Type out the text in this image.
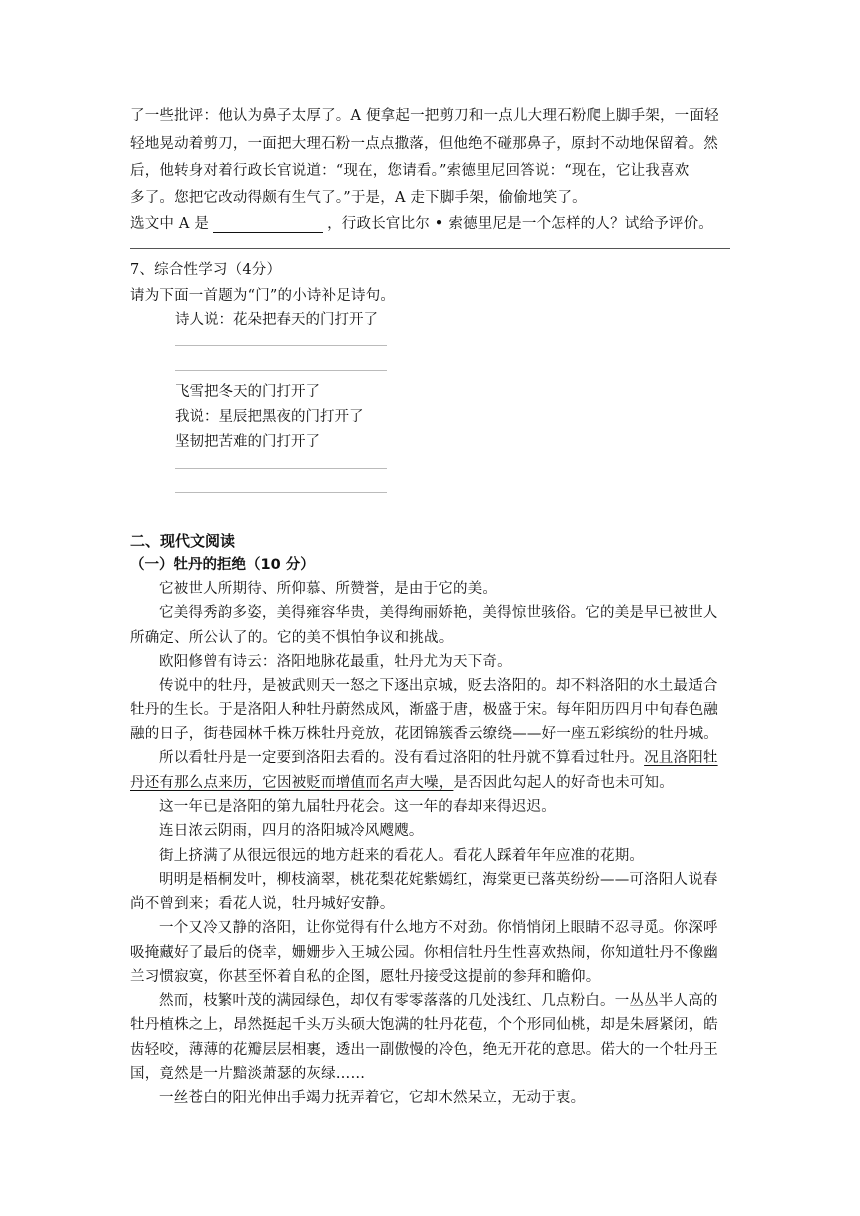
了一些批评：他认为鼻子太厚了。A 便拿起一把剪刀和一点儿大理石粉爬上脚手架，一面轻
轻地晃动着剪刀，一面把大理石粉一点点撒落，但他绝不碰那鼻子，原封不动地保留着。然
后，他转身对着行政长官说道：“现在，您请看。”索德里尼回答说：“现在，它让我喜欢
多了。您把它改动得颇有生气了。”于是，A 走下脚手架，偷偷地笑了。
选文中 A 是	，行政长官比尔 • 索德里尼是一个怎样的人？试给予评价。
7、综合性学习（4分）
请为下面一首题为“门”的小诗补足诗句。
诗人说：花朵把春天的门打开了
飞雪把冬天的门打开了
我说：星辰把黑夜的门打开了
坚韧把苦难的门打开了
二、现代文阅读
（一）牡丹的拒绝（10 分）
它被世人所期待、所仰慕、所赞誉，是由于它的美。
它美得秀韵多姿，美得雍容华贵，美得绚丽娇艳，美得惊世骇俗。它的美是早已被世人
所确定、所公认了的。它的美不惧怕争议和挑战。
欧阳修曾有诗云：洛阳地脉花最重，牡丹尤为天下奇。
传说中的牡丹，是被武则天一怒之下逐出京城，贬去洛阳的。却不料洛阳的水土最适合
牡丹的生长。于是洛阳人种牡丹蔚然成风，渐盛于唐，极盛于宋。每年阳历四月中旬春色融
融的日子，街巷园林千株万株牡丹竞放，花团锦簇香云缭绕——好一座五彩缤纷的牡丹城。
所以看牡丹是一定要到洛阳去看的。没有看过洛阳的牡丹就不算看过牡丹。况且洛阳牡
丹还有那么点来历，它因被贬而增值而名声大噪，是否因此勾起人的好奇也未可知。
这一年已是洛阳的第九届牡丹花会。这一年的春却来得迟迟。
连日浓云阴雨，四月的洛阳城冷风飕飕。
街上挤满了从很远很远的地方赶来的看花人。看花人踩着年年应准的花期。
明明是梧桐发叶，柳枝滴翠，桃花梨花姹紫嫣红，海棠更已落英纷纷——可洛阳人说春
尚不曾到来；看花人说，牡丹城好安静。
一个又冷又静的洛阳，让你觉得有什么地方不对劲。你悄悄闭上眼睛不忍寻觅。你深呼
吸掩藏好了最后的侥幸，姗姗步入王城公园。你相信牡丹生性喜欢热闹，你知道牡丹不像幽
兰习惯寂寞，你甚至怀着自私的企图，愿牡丹接受这提前的参拜和瞻仰。
然而，枝繁叶茂的满园绿色，却仅有零零落落的几处浅红、几点粉白。一丛丛半人高的
牡丹植株之上，昂然挺起千头万头硕大饱满的牡丹花苞，个个形同仙桃，却是朱唇紧闭，皓
齿轻咬，薄薄的花瓣层层相裹，透出一副傲慢的冷色，绝无开花的意思。偌大的一个牡丹王
国，竟然是一片黯淡萧瑟的灰绿……
一丝苍白的阳光伸出手竭力抚弄着它，它却木然呆立，无动于衷。
